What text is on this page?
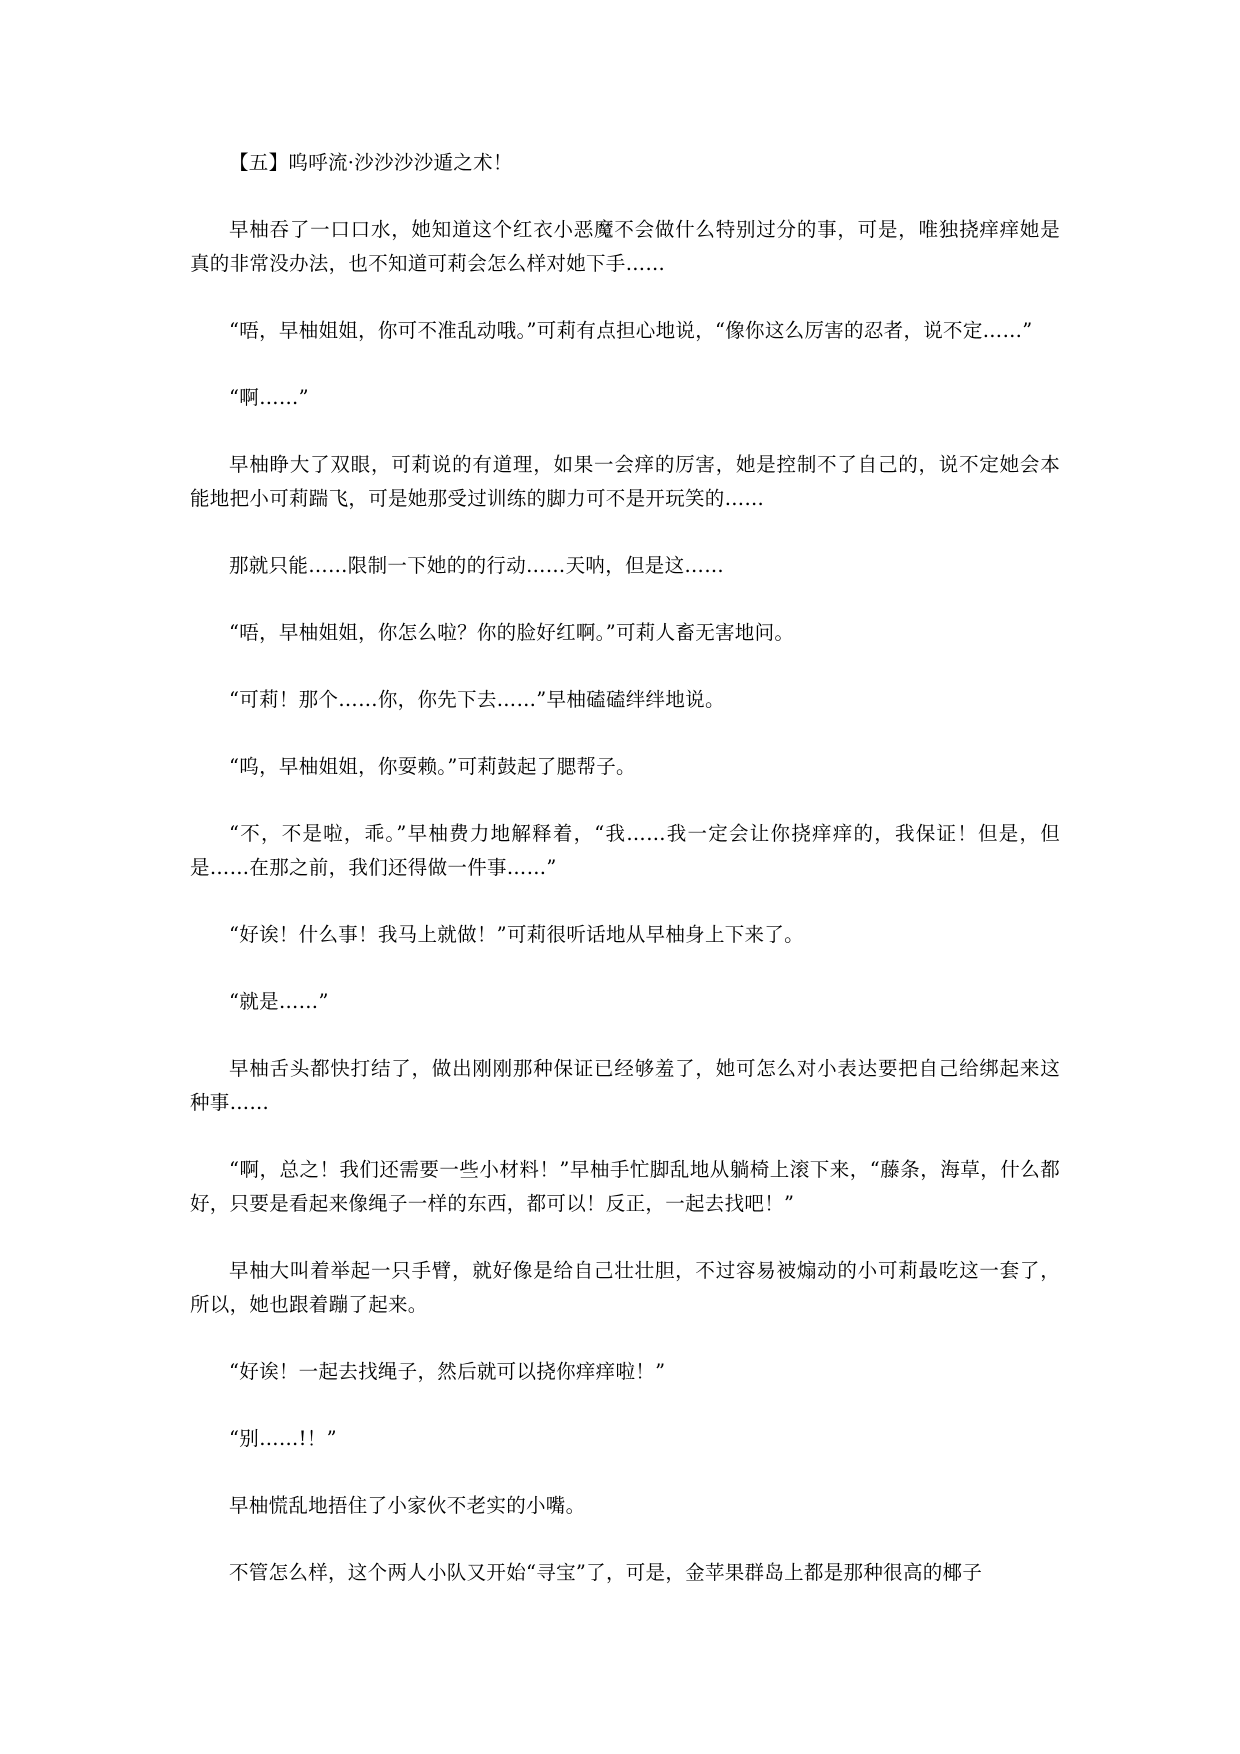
【五】呜呼流·沙沙沙沙遁之术！

早柚吞了一口口水，她知道这个红衣小恶魔不会做什么特别过分的事，可是，唯独挠痒痒她是真的非常没办法，也不知道可莉会怎么样对她下手……

“唔，早柚姐姐，你可不准乱动哦。”可莉有点担心地说，“像你这么厉害的忍者，说不定……”

“啊……”

早柚睁大了双眼，可莉说的有道理，如果一会痒的厉害，她是控制不了自己的，说不定她会本能地把小可莉踹飞，可是她那受过训练的脚力可不是开玩笑的……

那就只能……限制一下她的的行动……天呐，但是这……

“唔，早柚姐姐，你怎么啦？你的脸好红啊。”可莉人畜无害地问。

“可莉！那个……你，你先下去……”早柚磕磕绊绊地说。

“呜，早柚姐姐，你耍赖。”可莉鼓起了腮帮子。

“不，不是啦，乖。”早柚费力地解释着，“我……我一定会让你挠痒痒的，我保证！但是，但是……在那之前，我们还得做一件事……”

“好诶！什么事！我马上就做！”可莉很听话地从早柚身上下来了。

“就是……”

早柚舌头都快打结了，做出刚刚那种保证已经够羞了，她可怎么对小表达要把自己给绑起来这种事……

“啊，总之！我们还需要一些小材料！”早柚手忙脚乱地从躺椅上滚下来，“藤条，海草，什么都好，只要是看起来像绳子一样的东西，都可以！反正，一起去找吧！”

早柚大叫着举起一只手臂，就好像是给自己壮壮胆，不过容易被煽动的小可莉最吃这一套了，所以，她也跟着蹦了起来。

“好诶！一起去找绳子，然后就可以挠你痒痒啦！”

“别……!！”

早柚慌乱地捂住了小家伙不老实的小嘴。

不管怎么样，这个两人小队又开始“寻宝”了，可是，金苹果群岛上都是那种很高的椰子
